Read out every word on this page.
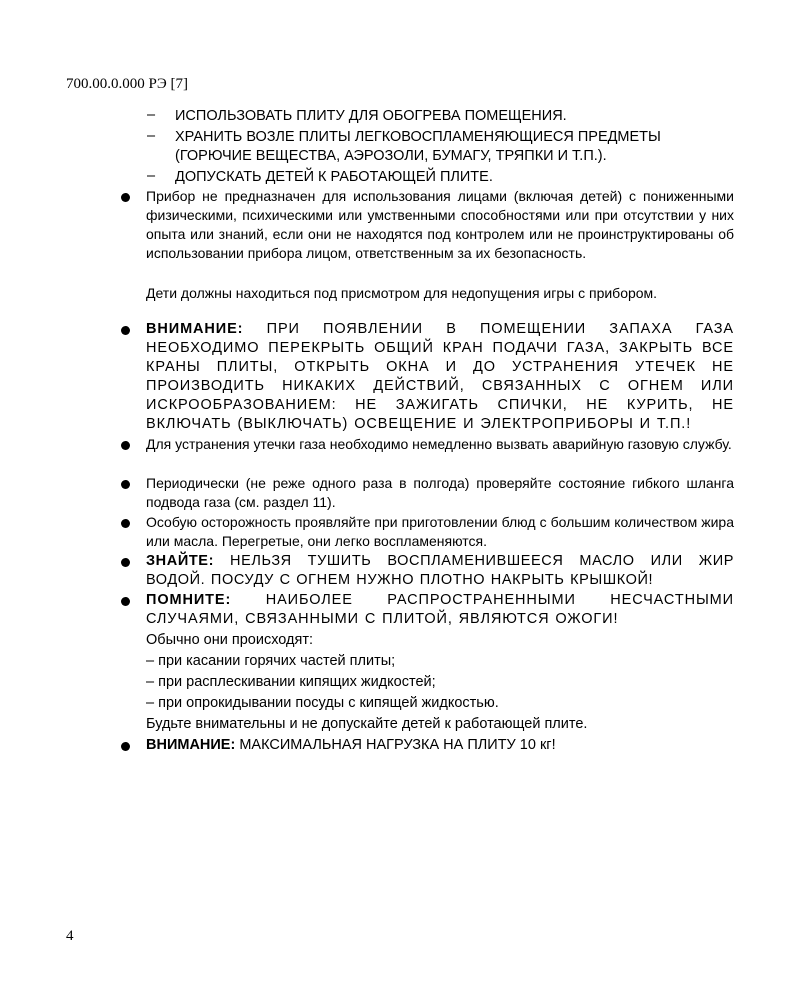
700.00.0.000 РЭ [7]
– ИСПОЛЬЗОВАТЬ ПЛИТУ ДЛЯ ОБОГРЕВА ПОМЕЩЕНИЯ.
– ХРАНИТЬ ВОЗЛЕ ПЛИТЫ ЛЕГКОВОСПЛАМЕНЯЮЩИЕСЯ ПРЕДМЕТЫ (ГОРЮЧИЕ ВЕЩЕСТВА, АЭРОЗОЛИ, БУМАГУ, ТРЯПКИ И Т.П.).
– ДОПУСКАТЬ ДЕТЕЙ К РАБОТАЮЩЕЙ ПЛИТЕ.
Прибор не предназначен для использования лицами (включая детей) с пониженными физическими, психическими или умственными способностями или при отсутствии у них опыта или знаний, если они не находятся под контролем или не проинструктированы об использовании прибора лицом, ответственным за их безопасность.
Дети должны находиться под присмотром для недопущения игры с прибором.
ВНИМАНИЕ: ПРИ ПОЯВЛЕНИИ В ПОМЕЩЕНИИ ЗАПАХА ГАЗА НЕОБХОДИМО ПЕРЕКРЫТЬ ОБЩИЙ КРАН ПОДАЧИ ГАЗА, ЗАКРЫТЬ ВСЕ КРАНЫ ПЛИТЫ, ОТКРЫТЬ ОКНА И ДО УСТРАНЕНИЯ УТЕЧЕК НЕ ПРОИЗВОДИТЬ НИКАКИХ ДЕЙСТВИЙ, СВЯЗАННЫХ С ОГНЕМ ИЛИ ИСКРООБРАЗОВАНИЕМ: НЕ ЗАЖИГАТЬ СПИЧКИ, НЕ КУРИТЬ, НЕ ВКЛЮЧАТЬ (ВЫКЛЮЧАТЬ) ОСВЕЩЕНИЕ И ЭЛЕКТРОПРИБОРЫ И Т.П.!
Для устранения утечки газа необходимо немедленно вызвать аварийную газовую службу.
Периодически (не реже одного раза в полгода) проверяйте состояние гибкого шланга подвода газа (см. раздел 11).
Особую осторожность проявляйте при приготовлении блюд с большим количеством жира или масла. Перегретые, они легко воспламеняются.
ЗНАЙТЕ: НЕЛЬЗЯ ТУШИТЬ ВОСПЛАМЕНИВШЕЕСЯ МАСЛО ИЛИ ЖИР ВОДОЙ. ПОСУДУ С ОГНЕМ НУЖНО ПЛОТНО НАКРЫТЬ КРЫШКОЙ!
ПОМНИТЕ: НАИБОЛЕЕ РАСПРОСТРАНЕННЫМИ НЕСЧАСТНЫМИ СЛУЧАЯМИ, СВЯЗАННЫМИ С ПЛИТОЙ, ЯВЛЯЮТСЯ ОЖОГИ!
Обычно они происходят:
– при касании горячих частей плиты;
– при расплескивании кипящих жидкостей;
– при опрокидывании посуды с кипящей жидкостью.
Будьте внимательны и не допускайте детей к работающей плите.
ВНИМАНИЕ: МАКСИМАЛЬНАЯ НАГРУЗКА НА ПЛИТУ 10 кг!
4
